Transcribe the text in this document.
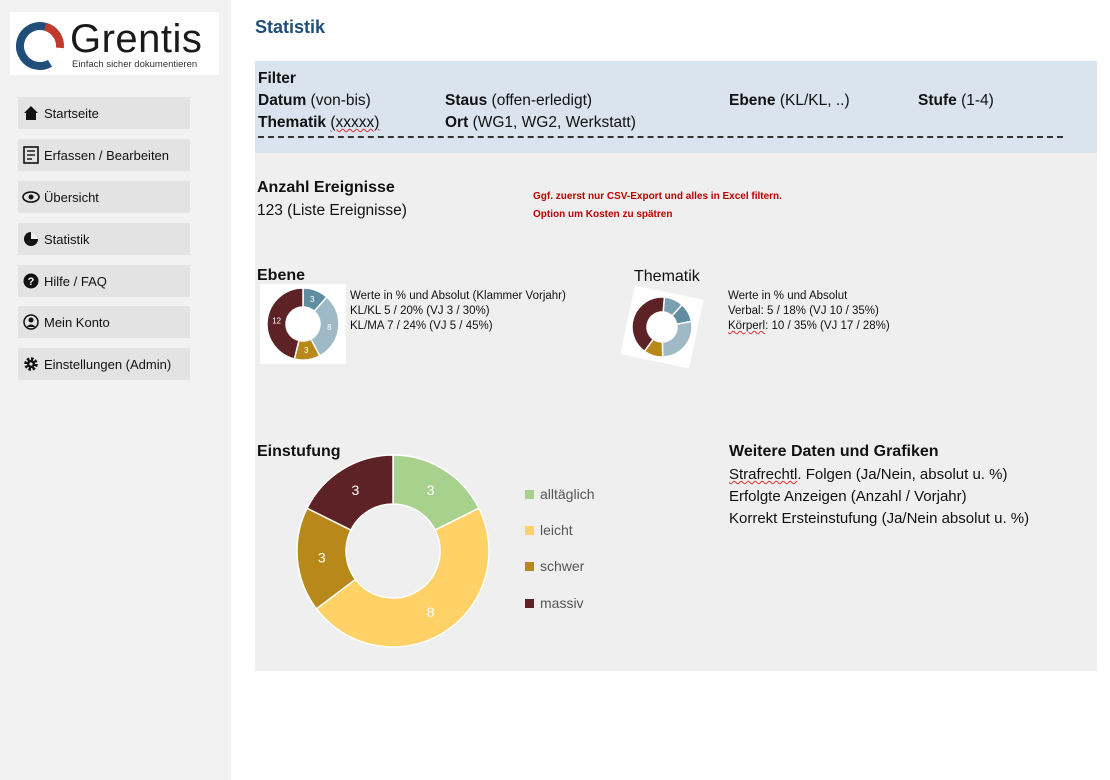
Grentis
Einfach sicher dokumentieren
Startseite
Erfassen / Bearbeiten
Übersicht
Statistik
? Hilfe / FAQ
Mein Konto
Einstellungen (Admin)
Statistik
Filter
Datum (von-bis)	Staus (offen-erledigt)	Ebene (KL/KL, ..)	Stufe (1-4)
Thematik (xxxxx)	Ort (WG1, WG2, Werkstatt)
Anzahl Ereignisse
123 (Liste Ereignisse)
Ggf. zuerst nur CSV-Export und alles in Excel filtern.
Option um Kosten zu spätren
Ebene
3
8
3
12
Werte in % und Absolut (Klammer Vorjahr)
KL/KL 5 / 20% (VJ 3 / 30%)
KL/MA 7 / 24% (VJ 5 / 45%)
Thematik
Werte in % und Absolut
Verbal: 5 / 18% (VJ 10 / 35%)
Körperl: 10 / 35% (VJ 17 / 28%)
Einstufung
3
8
3
3	alltäglich
leicht
schwer
massiv
Weitere Daten und Grafiken
Strafrechtl. Folgen (Ja/Nein, absolut u. %)
Erfolgte Anzeigen (Anzahl / Vorjahr)
Korrekt Ersteinstufung (Ja/Nein absolut u. %)
